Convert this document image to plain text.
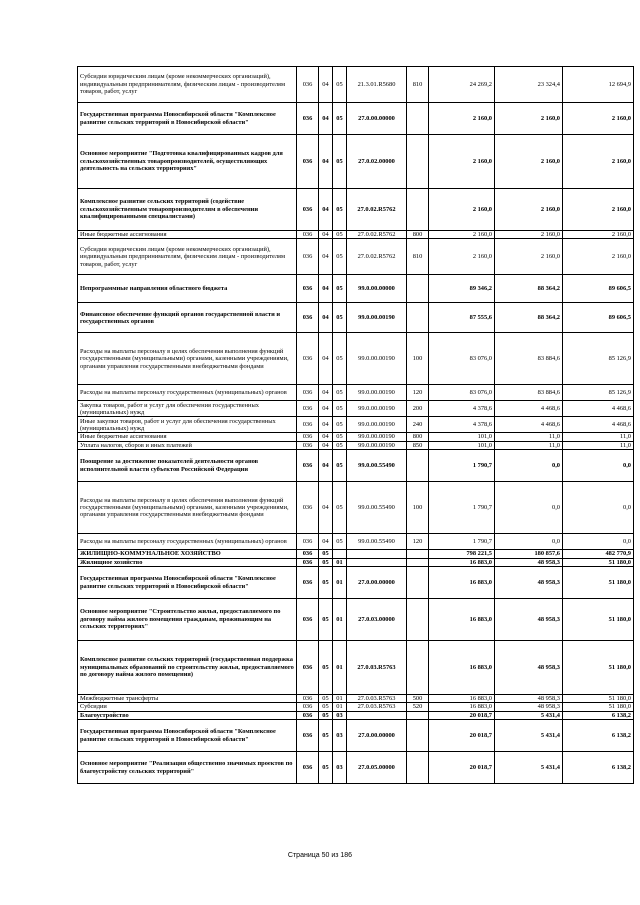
Субсидии юридическим лицам (кроме некоммерческих организаций), индивидуальным предпринимателям, физическим лицам - производителям товаров, работ, услуг	036	04	05	21.3.01.R5680	810	24 269,2	23 324,4	12 694,9
Государственная программа Новосибирской области "Комплексное развитие сельских территорий в Новосибирской области"	036	04	05	27.0.00.00000		2 160,0	2 160,0	2 160,0
Основное мероприятие "Подготовка квалифицированных кадров для сельскохозяйственных товаропроизводителей, осуществляющих деятельность на сельских территориях"	036	04	05	27.0.02.00000		2 160,0	2 160,0	2 160,0
Комплексное развитие сельских территорий (содействие сельскохозяйственным товаропроизводителям в обеспечении квалифицированными специалистами)	036	04	05	27.0.02.R5762		2 160,0	2 160,0	2 160,0
Иные бюджетные ассигнования	036	04	05	27.0.02.R5762	800	2 160,0	2 160,0	2 160,0
Субсидии юридическим лицам (кроме некоммерческих организаций), индивидуальным предпринимателям, физическим лицам - производителям товаров, работ, услуг	036	04	05	27.0.02.R5762	810	2 160,0	2 160,0	2 160,0
Непрограммные направления областного бюджета	036	04	05	99.0.00.00000		89 346,2	88 364,2	89 606,5
Финансовое обеспечение функций органов государственной власти и государственных органов	036	04	05	99.0.00.00190		87 555,6	88 364,2	89 606,5
Расходы на выплаты персоналу в целях обеспечения выполнения функций государственными (муниципальными) органами, казенными учреждениями, органами управления государственными внебюджетными фондами	036	04	05	99.0.00.00190	100	83 076,0	83 884,6	85 126,9
Расходы на выплаты персоналу государственных (муниципальных) органов	036	04	05	99.0.00.00190	120	83 076,0	83 884,6	85 126,9
Закупка товаров, работ и услуг для обеспечения государственных (муниципальных) нужд	036	04	05	99.0.00.00190	200	4 378,6	4 468,6	4 468,6
Иные закупки товаров, работ и услуг для обеспечения государственных (муниципальных) нужд	036	04	05	99.0.00.00190	240	4 378,6	4 468,6	4 468,6
Иные бюджетные ассигнования	036	04	05	99.0.00.00190	800	101,0	11,0	11,0
Уплата налогов, сборов и иных платежей	036	04	05	99.0.00.00190	850	101,0	11,0	11,0
Поощрение за достижение показателей деятельности органов исполнительной власти субъектов Российской Федерации	036	04	05	99.0.00.55490		1 790,7	0,0	0,0
Расходы на выплаты персоналу в целях обеспечения выполнения функций государственными (муниципальными) органами, казенными учреждениями, органами управления государственными внебюджетными фондами	036	04	05	99.0.00.55490	100	1 790,7	0,0	0,0
Расходы на выплаты персоналу государственных (муниципальных) органов	036	04	05	99.0.00.55490	120	1 790,7	0,0	0,0
ЖИЛИЩНО-КОММУНАЛЬНОЕ ХОЗЯЙСТВО	036	05				798 221,5	180 857,6	482 770,9
Жилищное хозяйство	036	05	01			16 883,0	48 958,3	51 180,0
Государственная программа Новосибирской области "Комплексное развитие сельских территорий в Новосибирской области"	036	05	01	27.0.00.00000		16 883,0	48 958,3	51 180,0
Основное мероприятие "Строительство жилья, предоставляемого по договору найма жилого помещения гражданам, проживающим на сельских территориях"	036	05	01	27.0.03.00000		16 883,0	48 958,3	51 180,0
Комплексное развитие сельских территорий (государственная поддержка муниципальных образований по строительству жилья, предоставляемого по договору найма жилого помещения)	036	05	01	27.0.03.R5763		16 883,0	48 958,3	51 180,0
Межбюджетные трансферты	036	05	01	27.0.03.R5763	500	16 883,0	48 958,3	51 180,0
Субсидии	036	05	01	27.0.03.R5763	520	16 883,0	48 958,3	51 180,0
Благоустройство	036	05	03			20 018,7	5 431,4	6 138,2
Государственная программа Новосибирской области "Комплексное развитие сельских территорий в Новосибирской области"	036	05	03	27.0.00.00000		20 018,7	5 431,4	6 138,2
Основное мероприятие "Реализация общественно значимых проектов по благоустройству сельских территорий"	036	05	03	27.0.05.00000		20 018,7	5 431,4	6 138,2
Страница 50 из 186
